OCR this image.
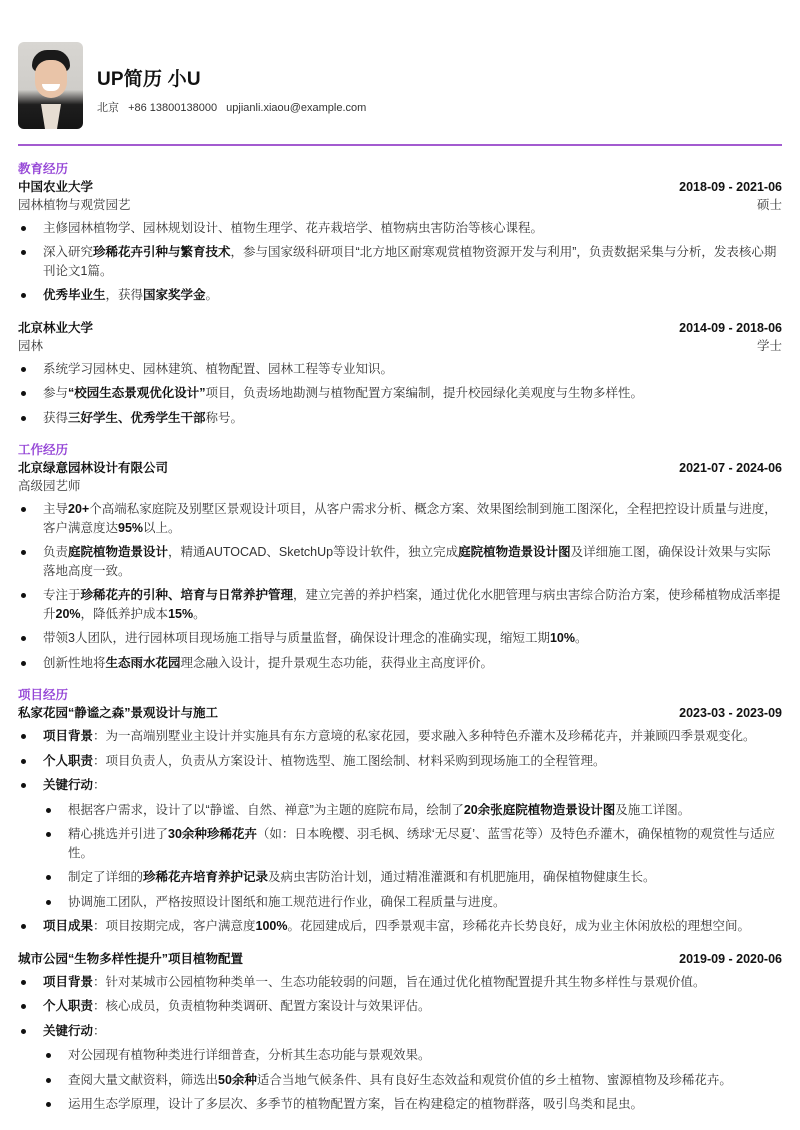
UP简历 小U
北京 +86 13800138000 upjianli.xiaou@example.com
教育经历
中国农业大学	2018-09 - 2021-06
园林植物与观赏园艺	硕士
主修园林植物学、园林规划设计、植物生理学、花卉栽培学、植物病虫害防治等核心课程。
深入研究珍稀花卉引种与繁育技术，参与国家级科研项目“北方地区耐寒观赏植物资源开发与利用”，负责数据采集与分析，发表核心期刊论文1篇。
优秀毕业生，获得国家奖学金。
北京林业大学	2014-09 - 2018-06
园林	学士
系统学习园林史、园林建筑、植物配置、园林工程等专业知识。
参与“校园生态景观优化设计”项目，负责场地勘测与植物配置方案编制，提升校园绿化美观度与生物多样性。
获得三好学生、优秀学生干部称号。
工作经历
北京绿意园林设计有限公司	2021-07 - 2024-06
高级园艺师
主导20+个高端私家庭院及别墅区景观设计项目，从客户需求分析、概念方案、效果图绘制到施工图深化，全程把控设计质量与进度，客户满意度达95%以上。
负责庭院植物造景设计，精通AUTOCAD、SketchUp等设计软件，独立完成庭院植物造景设计图及详细施工图，确保设计效果与实际落地高度一致。
专注于珍稀花卉的引种、培育与日常养护管理，建立完善的养护档案，通过优化水肥管理与病虫害综合防治方案，使珍稀植物成活率提升20%，降低养护成本15%。
带领3人团队，进行园林项目现场施工指导与质量监督，确保设计理念的准确实现，缩短工期10%。
创新性地将生态雨水花园理念融入设计，提升景观生态功能，获得业主高度评价。
项目经历
私家花园“静谧之森”景观设计与施工	2023-03 - 2023-09
项目背景：为一高端别墅业主设计并实施具有东方意境的私家花园，要求融入多种特色乔灌木及珍稀花卉，并兼顾四季景观变化。
个人职责：项目负责人，负责从方案设计、植物选型、施工图绘制、材料采购到现场施工的全程管理。
关键行动：
根据客户需求，设计了以“静谧、自然、禅意”为主题的庭院布局，绘制了20余张庭院植物造景设计图及施工详图。
精心挑选并引进了30余种珍稀花卉（如：日本晚樱、羽毛枫、绣球‘无尽夏’、蓝雪花等）及特色乔灌木，确保植物的观赏性与适应性。
制定了详细的珍稀花卉培育养护记录及病虫害防治计划，通过精准灌溉和有机肥施用，确保植物健康生长。
协调施工团队，严格按照设计图纸和施工规范进行作业，确保工程质量与进度。
项目成果：项目按期完成，客户满意度100%。花园建成后，四季景观丰富，珍稀花卉长势良好，成为业主休闲放松的理想空间。
城市公园“生物多样性提升”项目植物配置	2019-09 - 2020-06
项目背景：针对某城市公园植物种类单一、生态功能较弱的问题，旨在通过优化植物配置提升其生物多样性与景观价值。
个人职责：核心成员，负责植物种类调研、配置方案设计与效果评估。
关键行动：
对公园现有植物种类进行详细普查，分析其生态功能与景观效果。
查阅大量文献资料，筛选出50余种适合当地气候条件、具有良好生态效益和观赏价值的乡土植物、蜜源植物及珍稀花卉。
运用生态学原理，设计了多层次、多季节的植物配置方案，旨在构建稳定的植物群落，吸引鸟类和昆虫。
